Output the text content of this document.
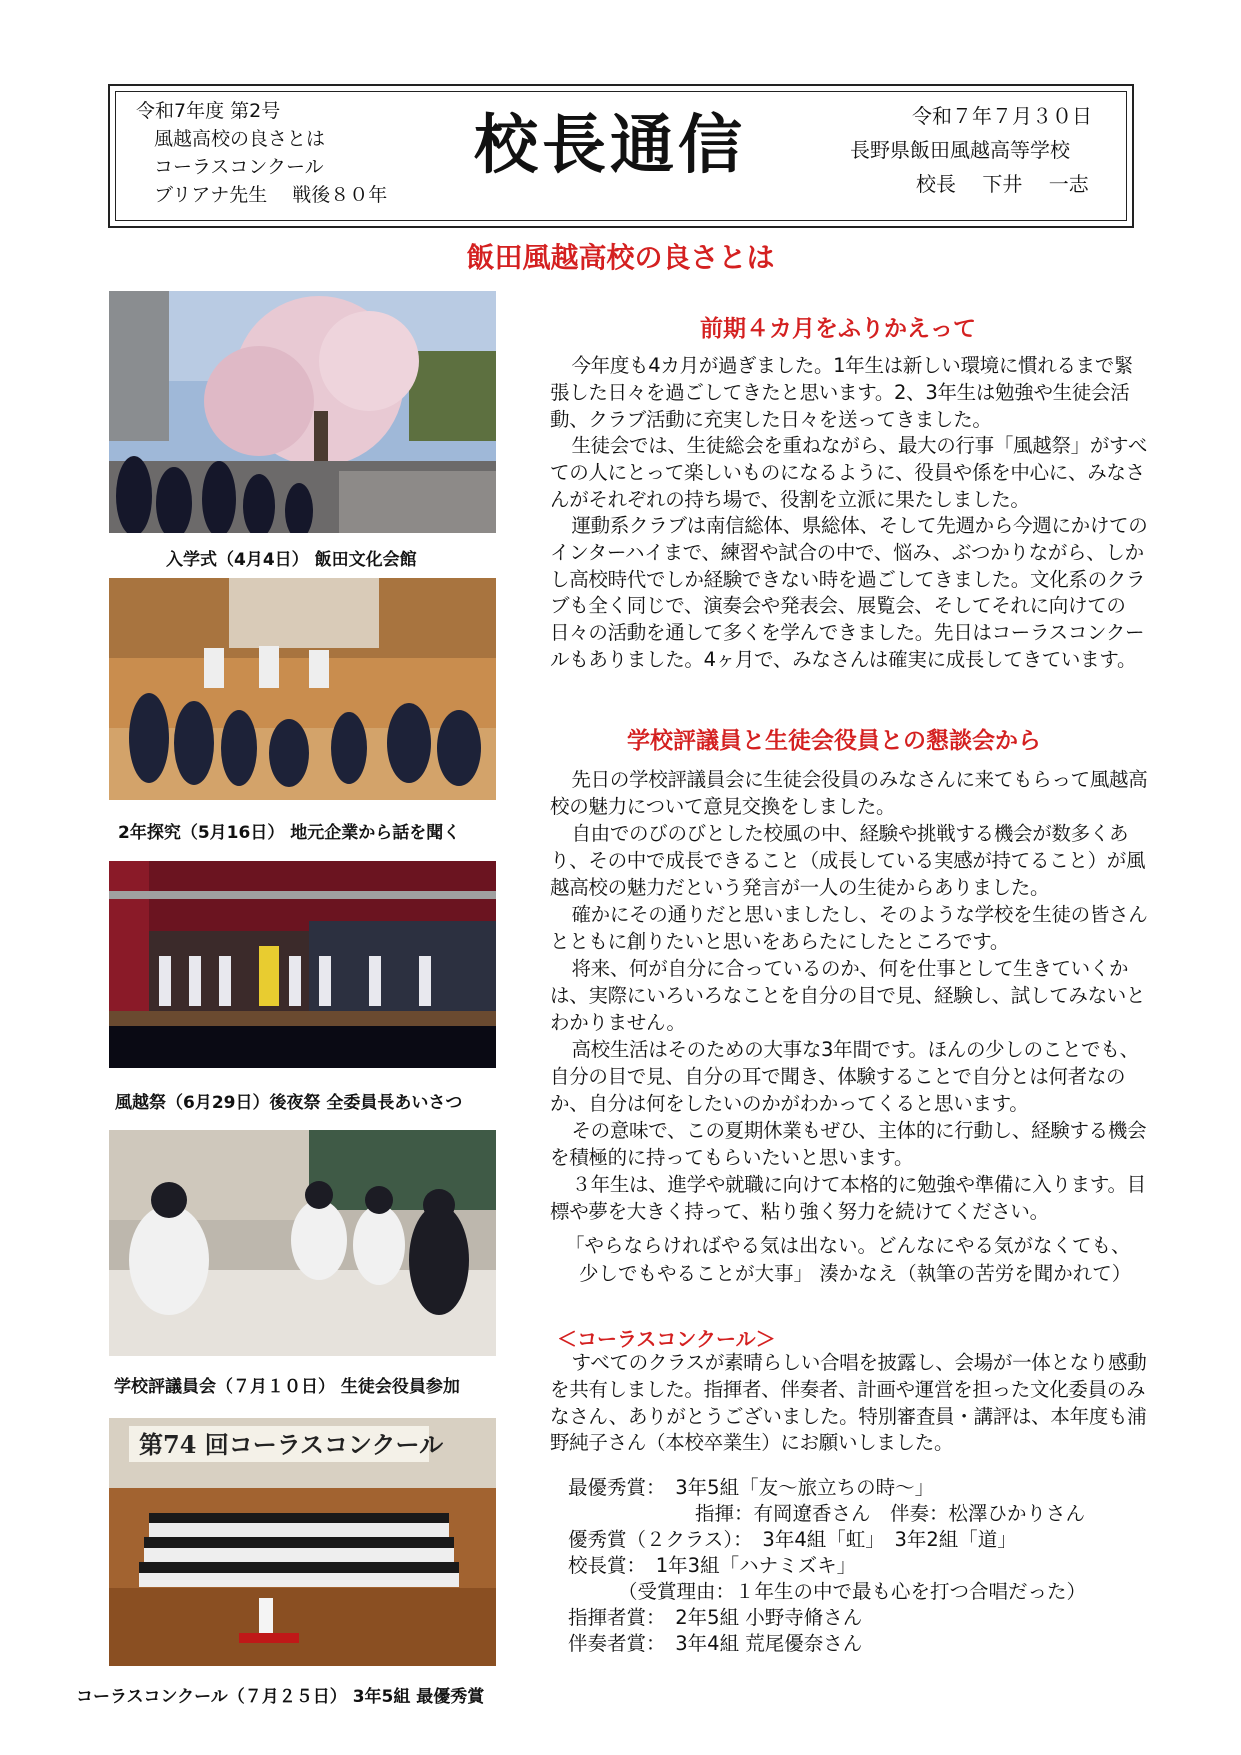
令和7年度 第2号
風越高校の良さとは
コーラスコンクール
ブリアナ先生　 戦後８０年
校長通信	令和７年７月３０日
長野県飯田風越高等学校
校長　 下井　 一志
飯田風越高校の良さとは
入学式（4月4日） 飯田文化会館
2年探究（5月16日） 地元企業から話を聞く
風越祭（6月29日）後夜祭 全委員長あいさつ
学校評議員会（７月１０日） 生徒会役員参加
第74 回コーラスコンクール
コーラスコンクール（７月２５日） 3年5組 最優秀賞
前期４カ月をふりかえって
今年度も4カ月が過ぎました。1年生は新しい環境に慣れるまで緊張した日々を過ごしてきたと思います。2、3年生は勉強や生徒会活動、クラブ活動に充実した日々を送ってきました。
生徒会では、生徒総会を重ねながら、最大の行事「風越祭」がすべての人にとって楽しいものになるように、役員や係を中心に、みなさんがそれぞれの持ち場で、役割を立派に果たしました。
運動系クラブは南信総体、県総体、そして先週から今週にかけてのインターハイまで、練習や試合の中で、悩み、ぶつかりながら、しかし高校時代でしか経験できない時を過ごしてきました。文化系のクラブも全く同じで、演奏会や発表会、展覧会、そしてそれに向けての日々の活動を通して多くを学んできました。先日はコーラスコンクールもありました。4ヶ月で、みなさんは確実に成長してきています。
学校評議員と生徒会役員との懇談会から
先日の学校評議員会に生徒会役員のみなさんに来てもらって風越高校の魅力について意見交換をしました。
自由でのびのびとした校風の中、経験や挑戦する機会が数多くあり、その中で成長できること（成長している実感が持てること）が風越高校の魅力だという発言が一人の生徒からありました。
確かにその通りだと思いましたし、そのような学校を生徒の皆さんとともに創りたいと思いをあらたにしたところです。
将来、何が自分に合っているのか、何を仕事として生きていくかは、実際にいろいろなことを自分の目で見、経験し、試してみないとわかりません。
高校生活はそのための大事な3年間です。ほんの少しのことでも、自分の目で見、自分の耳で聞き、体験することで自分とは何者なのか、自分は何をしたいのかがわかってくると思います。
その意味で、この夏期休業もぜひ、主体的に行動し、経験する機会を積極的に持ってもらいたいと思います。
３年生は、進学や就職に向けて本格的に勉強や準備に入ります。目標や夢を大きく持って、粘り強く努力を続けてください。
「やらならければやる気は出ない。どんなにやる気がなくても、
少しでもやることが大事」 湊かなえ（執筆の苦労を聞かれて）
＜コーラスコンクール＞
すべてのクラスが素晴らしい合唱を披露し、会場が一体となり感動を共有しました。指揮者、伴奏者、計画や運営を担った文化委員のみなさん、ありがとうございました。特別審査員・講評は、本年度も浦野純子さん（本校卒業生）にお願いしました。
最優秀賞：　3年5組「友～旅立ちの時～」
指揮：有岡遼香さん　伴奏：松澤ひかりさん
優秀賞（２クラス）：　3年4組「虹」　3年2組「道」
校長賞：　1年3組「ハナミズキ」
（受賞理由：１年生の中で最も心を打つ合唱だった）
指揮者賞：　2年5組 小野寺脩さん
伴奏者賞：　3年4組 荒尾優奈さん
